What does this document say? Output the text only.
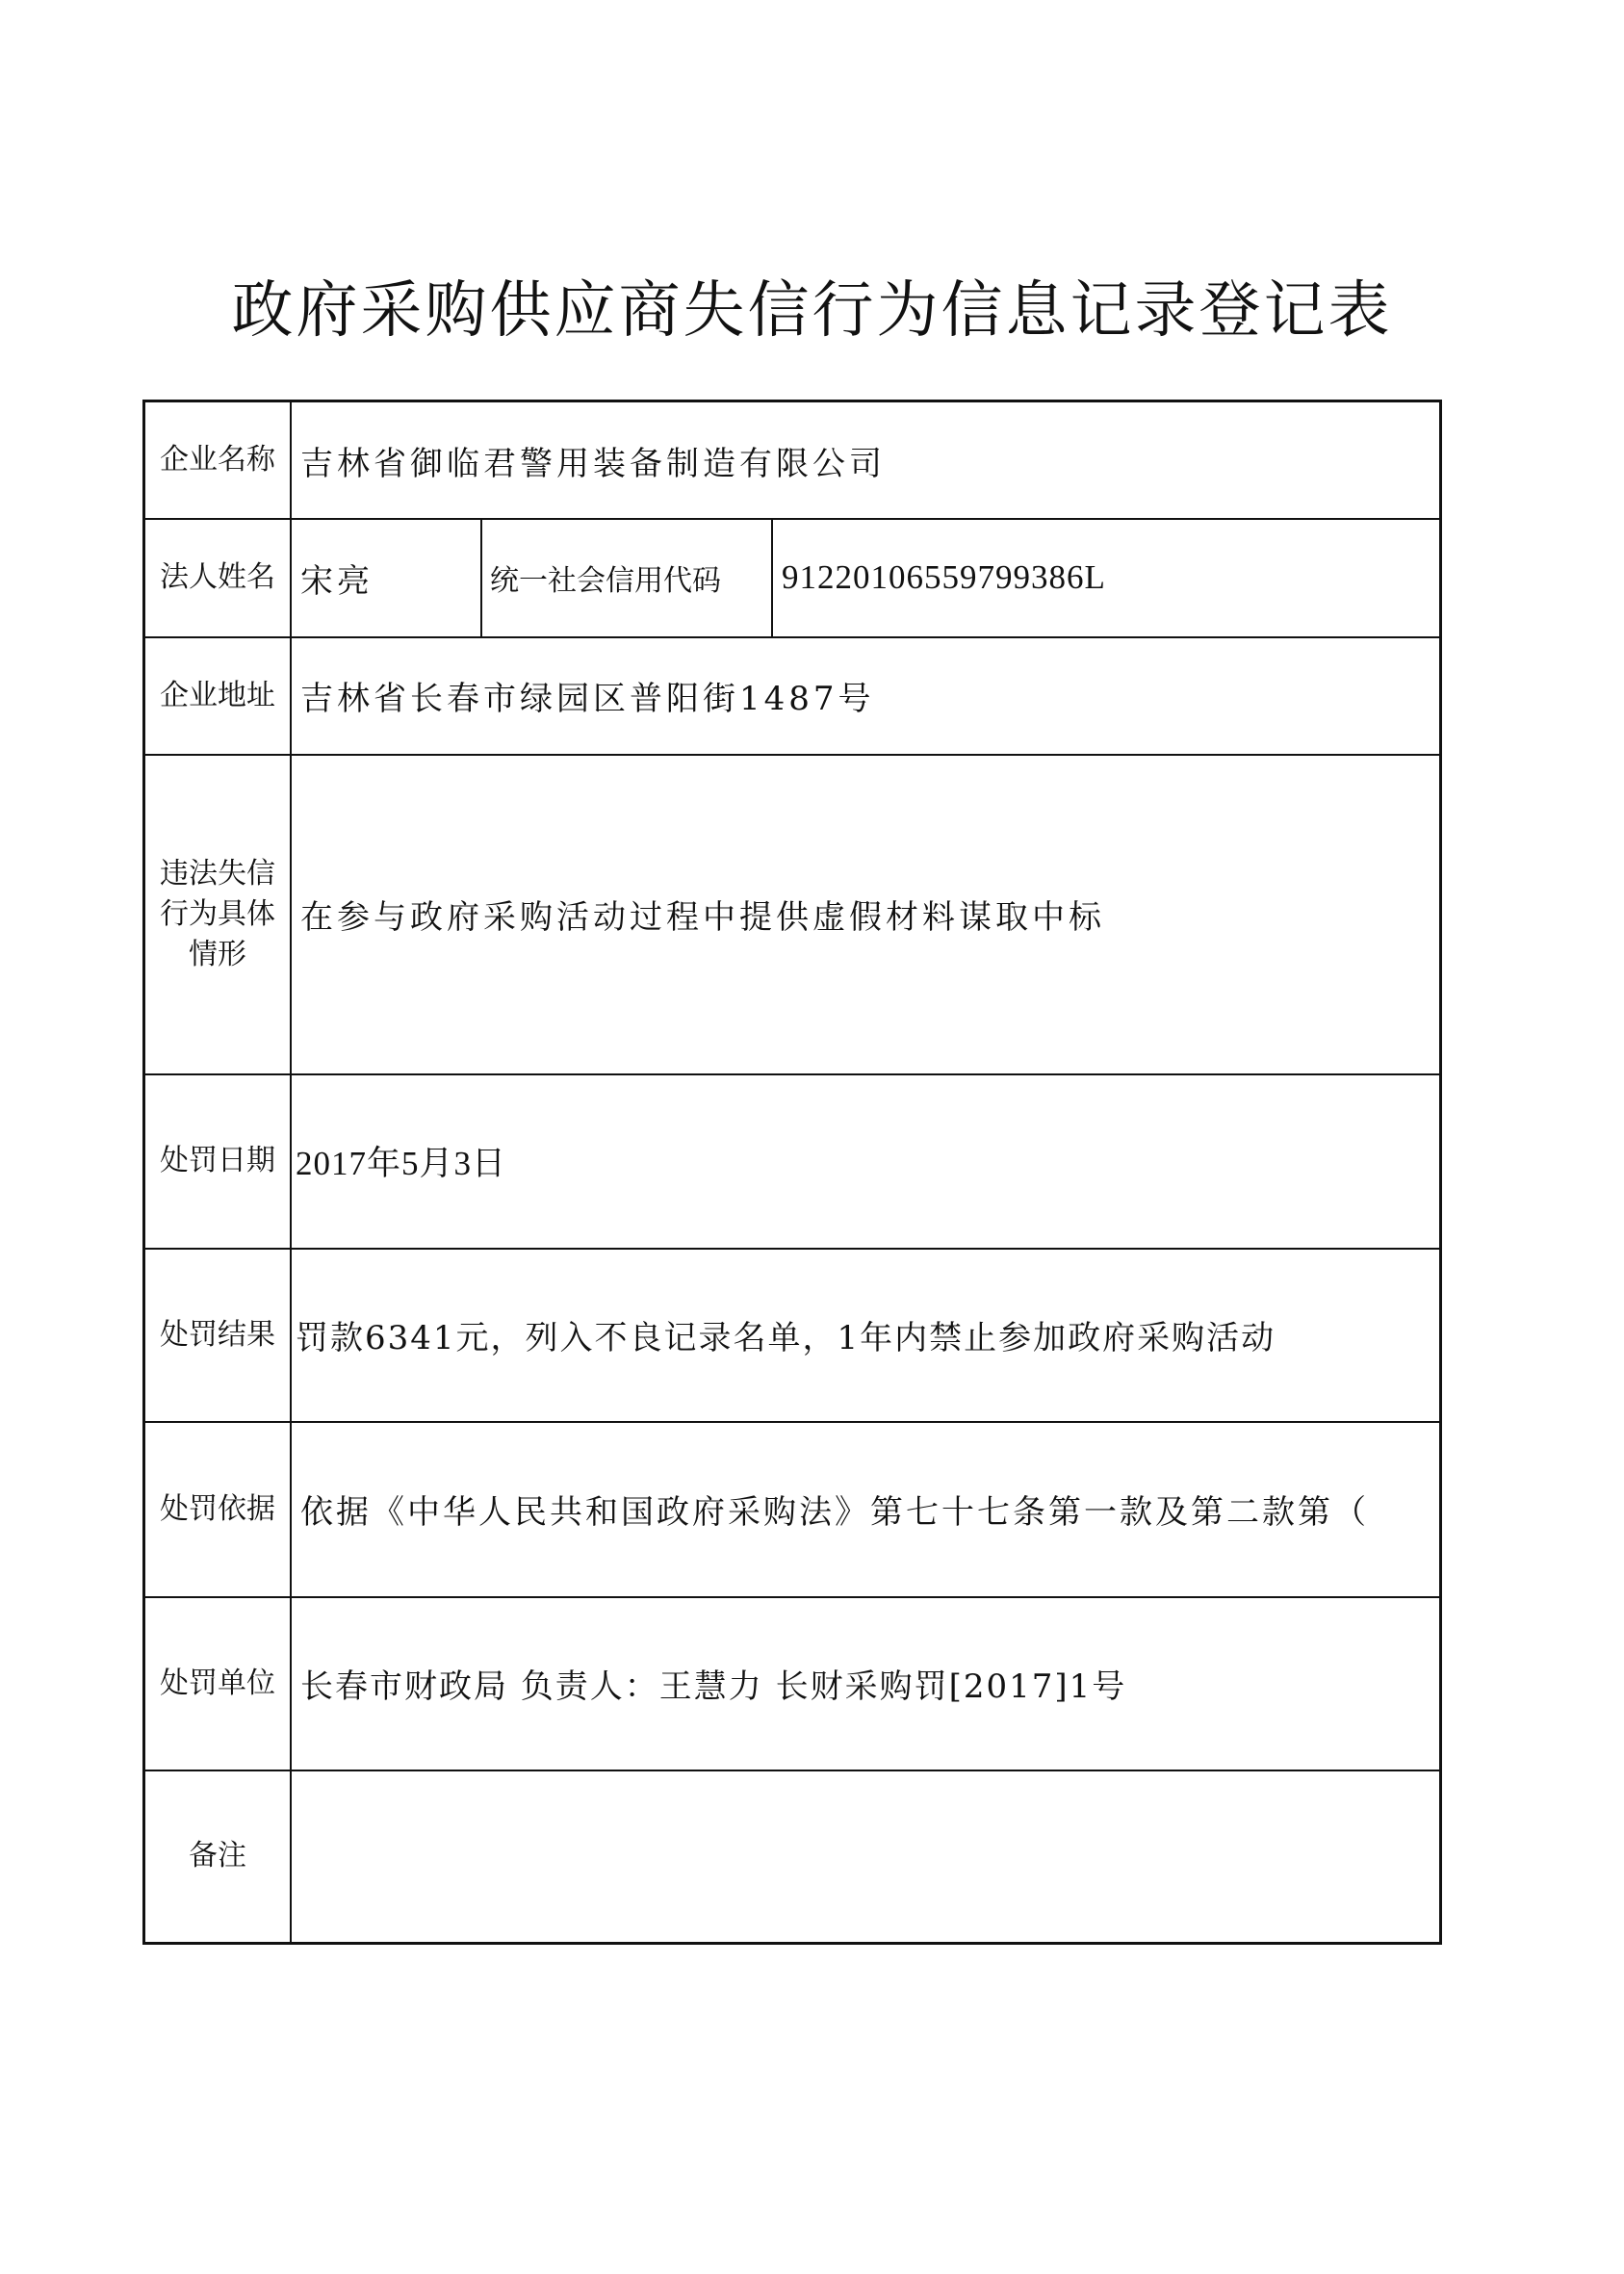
政府采购供应商失信行为信息记录登记表
企业名称 吉林省御临君警用装备制造有限公司
法人姓名 宋亮	统一社会信用代码	91220106559799386L
企业地址 吉林省长春市绿园区普阳街1487号
违法失信
行为具体
情形
在参与政府采购活动过程中提供虚假材料谋取中标
处罚日期 2017年5月3日
处罚结果 罚款6341元，列入不良记录名单，1年内禁止参加政府采购活动
处罚依据 依据《中华人民共和国政府采购法》第七十七条第一款及第二款第（
处罚单位 长春市财政局 负责人：王慧力 长财采购罚[2017]1号
备注
